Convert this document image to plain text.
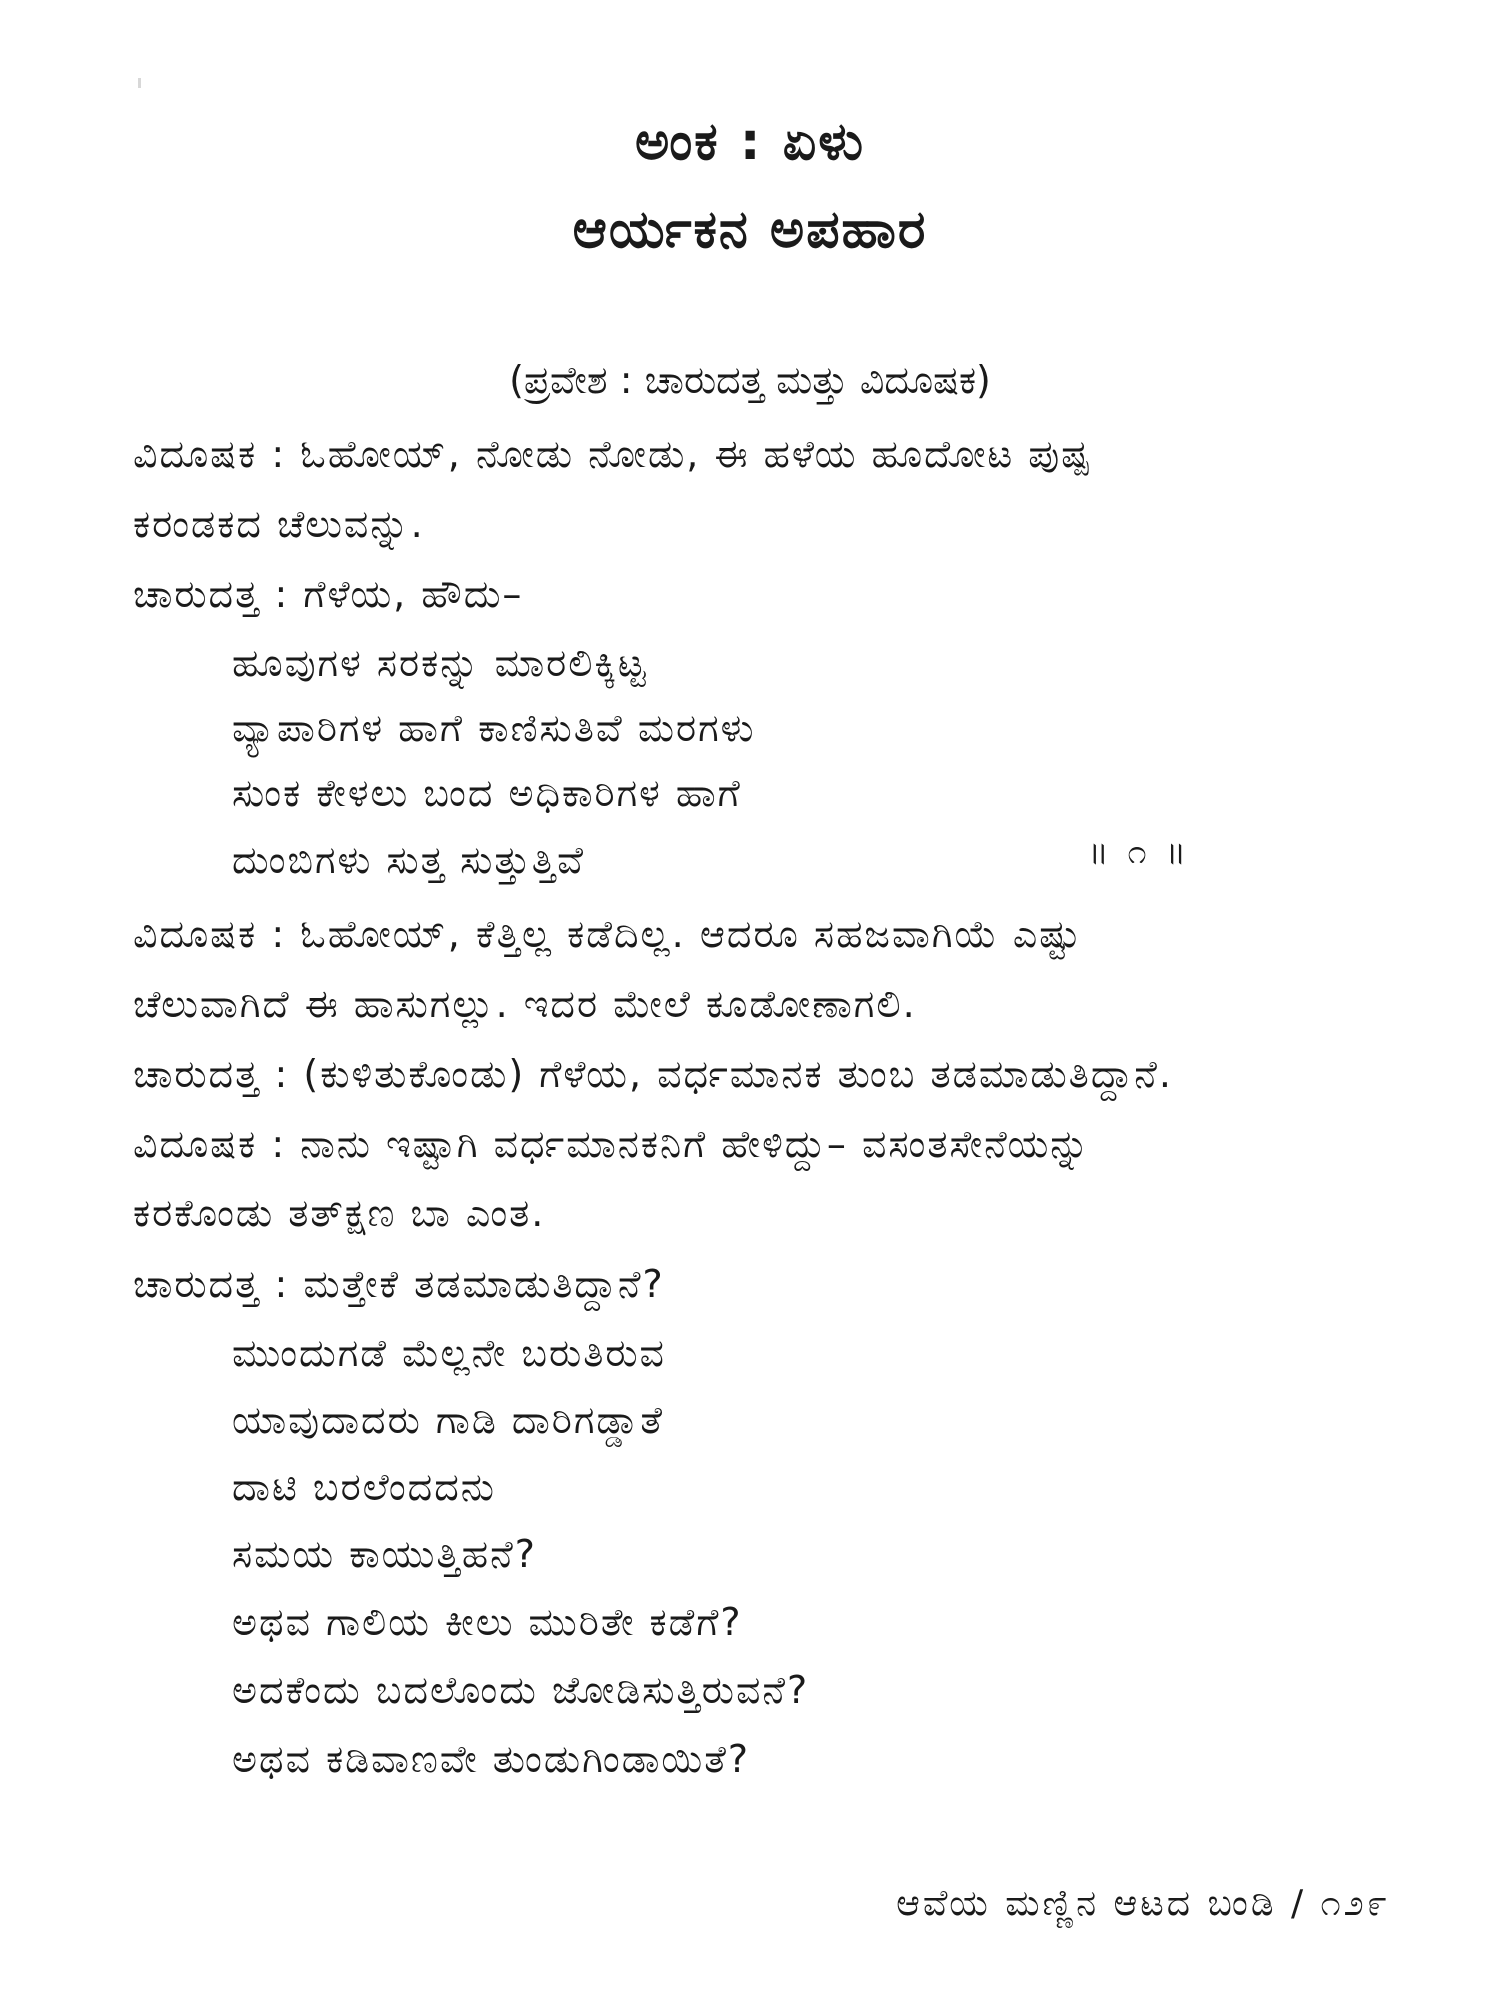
ಅಂಕ : ಏಳು
ಆರ್ಯಕನ ಅಪಹಾರ
(ಪ್ರವೇಶ : ಚಾರುದತ್ತ ಮತ್ತು ವಿದೂಷಕ)
ವಿದೂಷಕ : ಓಹೋಯ್, ನೋಡು ನೋಡು, ಈ ಹಳೆಯ ಹೂದೋಟ ಪುಷ್ಪ
ಕರಂಡಕದ ಚೆಲುವನ್ನು.
ಚಾರುದತ್ತ : ಗೆಳೆಯ, ಹೌದು–
ಹೂವುಗಳ ಸರಕನ್ನು ಮಾರಲಿಕ್ಕಿಟ್ಟ
ವ್ಯಾಪಾರಿಗಳ ಹಾಗೆ ಕಾಣಿಸುತಿವೆ ಮರಗಳು
ಸುಂಕ ಕೇಳಲು ಬಂದ ಅಧಿಕಾರಿಗಳ ಹಾಗೆ
ದುಂಬಿಗಳು ಸುತ್ತ ಸುತ್ತುತ್ತಿವೆ	॥ ೧ ॥
ವಿದೂಷಕ : ಓಹೋಯ್, ಕೆತ್ತಿಲ್ಲ ಕಡೆದಿಲ್ಲ. ಆದರೂ ಸಹಜವಾಗಿಯೆ ಎಷ್ಟು
ಚೆಲುವಾಗಿದೆ ಈ ಹಾಸುಗಲ್ಲು. ಇದರ ಮೇಲೆ ಕೂಡೋಣಾಗಲಿ.
ಚಾರುದತ್ತ : (ಕುಳಿತುಕೊಂಡು) ಗೆಳೆಯ, ವರ್ಧಮಾನಕ ತುಂಬ ತಡಮಾಡುತಿದ್ದಾನೆ.
ವಿದೂಷಕ : ನಾನು ಇಷ್ಟಾಗಿ ವರ್ಧಮಾನಕನಿಗೆ ಹೇಳಿದ್ದು– ವಸಂತಸೇನೆಯನ್ನು
ಕರಕೊಂಡು ತತ್‌ಕ್ಷಣ ಬಾ ಎಂತ.
ಚಾರುದತ್ತ : ಮತ್ತೇಕೆ ತಡಮಾಡುತಿದ್ದಾನೆ?
ಮುಂದುಗಡೆ ಮೆಲ್ಲನೇ ಬರುತಿರುವ
ಯಾವುದಾದರು ಗಾಡಿ ದಾರಿಗಡ್ಡಾತೆ
ದಾಟಿ ಬರಲೆಂದದನು
ಸಮಯ ಕಾಯುತ್ತಿಹನೆ?
ಅಥವ ಗಾಲಿಯ ಕೀಲು ಮುರಿತೇ ಕಡೆಗೆ?
ಅದಕೆಂದು ಬದಲೊಂದು ಜೋಡಿಸುತ್ತಿರುವನೆ?
ಅಥವ ಕಡಿವಾಣವೇ ತುಂಡುಗಿಂಡಾಯಿತೆ?
ಆವೆಯ ಮಣ್ಣಿನ ಆಟದ ಬಂಡಿ / ೧೨೯
